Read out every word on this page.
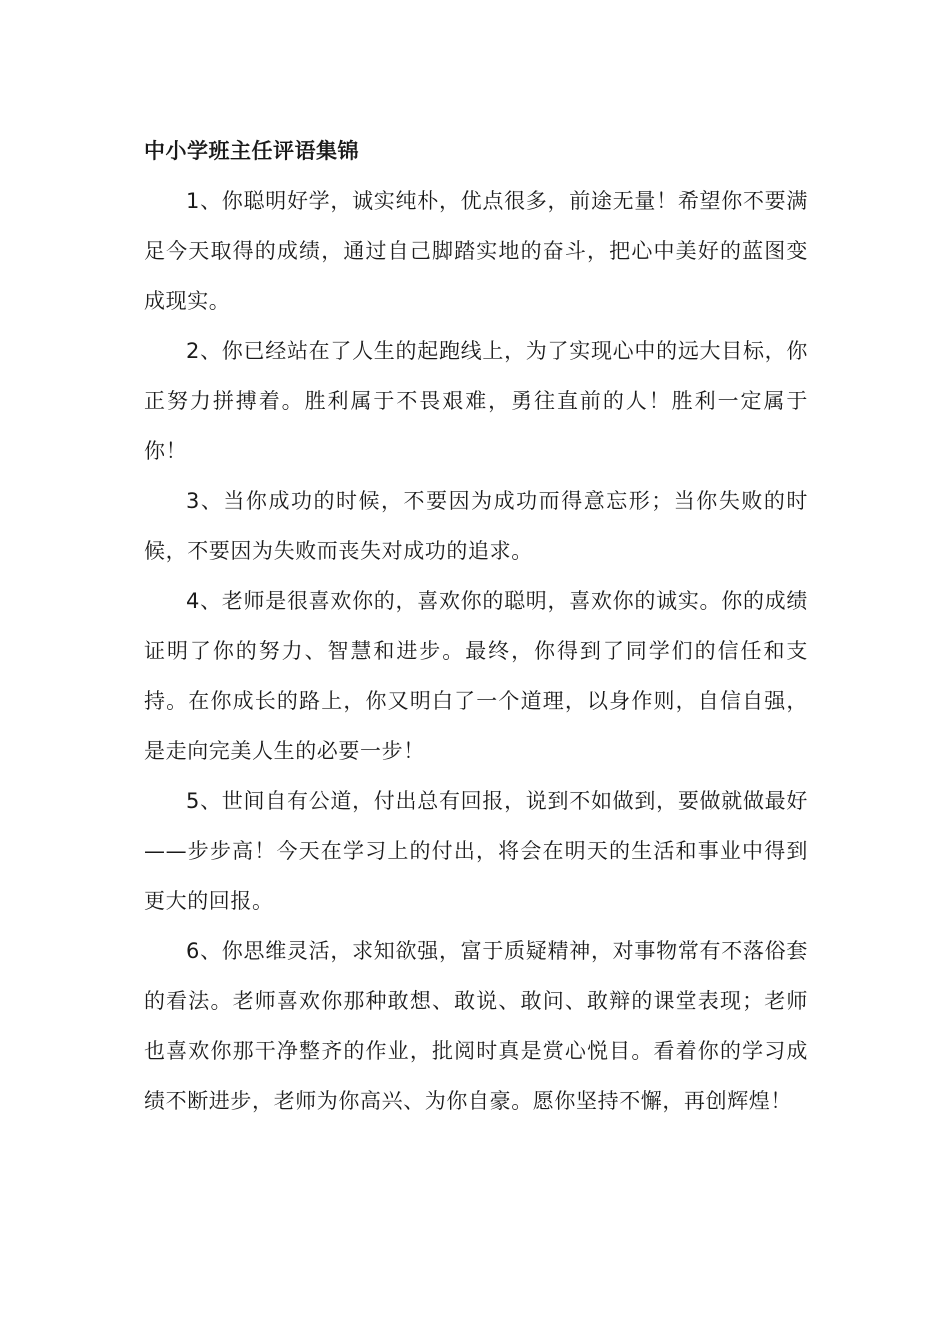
中小学班主任评语集锦

1、你聪明好学，诚实纯朴，优点很多，前途无量！希望你不要满足今天取得的成绩，通过自己脚踏实地的奋斗，把心中美好的蓝图变成现实。

2、你已经站在了人生的起跑线上，为了实现心中的远大目标，你正努力拼搏着。胜利属于不畏艰难，勇往直前的人！胜利一定属于你！

3、当你成功的时候，不要因为成功而得意忘形；当你失败的时候，不要因为失败而丧失对成功的追求。

4、老师是很喜欢你的，喜欢你的聪明，喜欢你的诚实。你的成绩证明了你的努力、智慧和进步。最终，你得到了同学们的信任和支持。在你成长的路上，你又明白了一个道理，以身作则，自信自强，是走向完美人生的必要一步！

5、世间自有公道，付出总有回报，说到不如做到，要做就做最好——步步高！今天在学习上的付出，将会在明天的生活和事业中得到更大的回报。

6、你思维灵活，求知欲强，富于质疑精神，对事物常有不落俗套的看法。老师喜欢你那种敢想、敢说、敢问、敢辩的课堂表现；老师也喜欢你那干净整齐的作业，批阅时真是赏心悦目。看着你的学习成绩不断进步，老师为你高兴、为你自豪。愿你坚持不懈，再创辉煌！
